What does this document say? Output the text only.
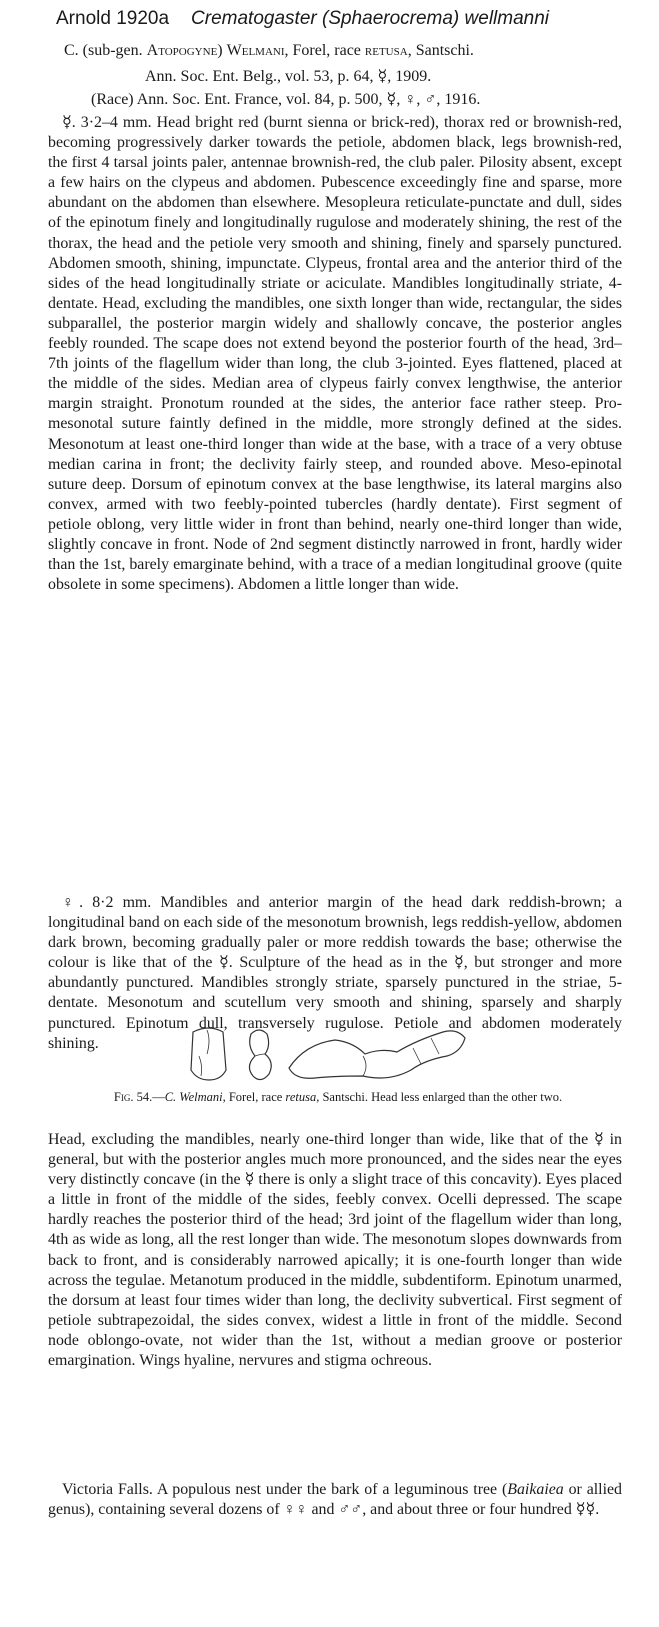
Arnold 1920a Crematogaster (Sphaerocrema) wellmanni
C. (sub-gen. Atopogyne) Welmani, Forel, race retusa, Santschi.
Ann. Soc. Ent. Belg., vol. 53, p. 64, ☿, 1909.
(Race) Ann. Soc. Ent. France, vol. 84, p. 500, ☿, ♀, ♂, 1916.

☿. 3·2–4 mm. Head bright red (burnt sienna or brick-red), thorax red or brownish-red, becoming progressively darker towards the petiole, abdomen black, legs brownish-red, the first 4 tarsal joints paler, antennae brownish-red, the club paler. Pilosity absent, except a few hairs on the clypeus and abdomen. Pubescence exceedingly fine and sparse, more abundant on the abdomen than elsewhere. Mesopleura reticulate-punctate and dull, sides of the epinotum finely and longitudinally rugulose and moderately shining, the rest of the thorax, the head and the petiole very smooth and shining, finely and sparsely punctured. Abdomen smooth, shining, impunctate. Clypeus, frontal area and the anterior third of the sides of the head longitudinally striate or aciculate. Mandibles longitudinally striate, 4-dentate. Head, excluding the mandibles, one sixth longer than wide, rectangular, the sides subparallel, the posterior margin widely and shallowly concave, the posterior angles feebly rounded. The scape does not extend beyond the posterior fourth of the head, 3rd–7th joints of the flagellum wider than long, the club 3-jointed. Eyes flattened, placed at the middle of the sides. Median area of clypeus fairly convex lengthwise, the anterior margin straight. Pronotum rounded at the sides, the anterior face rather steep. Pro-mesonotal suture faintly defined in the middle, more strongly defined at the sides. Mesonotum at least one-third longer than wide at the base, with a trace of a very obtuse median carina in front; the declivity fairly steep, and rounded above. Meso-epinotal suture deep. Dorsum of epinotum convex at the base lengthwise, its lateral margins also convex, armed with two feebly-pointed tubercles (hardly dentate). First segment of petiole oblong, very little wider in front than behind, nearly one-third longer than wide, slightly concave in front. Node of 2nd segment distinctly narrowed in front, hardly wider than the 1st, barely emarginate behind, with a trace of a median longitudinal groove (quite obsolete in some specimens). Abdomen a little longer than wide.

♀. 8·2 mm. Mandibles and anterior margin of the head dark reddish-brown; a longitudinal band on each side of the mesonotum brownish, legs reddish-yellow, abdomen dark brown, becoming gradually paler or more reddish towards the base; otherwise the colour is like that of the ☿. Sculpture of the head as in the ☿, but stronger and more abundantly punctured. Mandibles strongly striate, sparsely punctured in the striae, 5-dentate. Mesonotum and scutellum very smooth and shining, sparsely and sharply punctured. Epinotum dull, transversely rugulose. Petiole and abdomen moderately shining.

Fig. 54.—C. Welmani, Forel, race retusa, Santschi. Head less enlarged than the other two.

Head, excluding the mandibles, nearly one-third longer than wide, like that of the ☿ in general, but with the posterior angles much more pronounced, and the sides near the eyes very distinctly concave (in the ☿ there is only a slight trace of this concavity). Eyes placed a little in front of the middle of the sides, feebly convex. Ocelli depressed. The scape hardly reaches the posterior third of the head; 3rd joint of the flagellum wider than long, 4th as wide as long, all the rest longer than wide. The mesonotum slopes downwards from back to front, and is considerably narrowed apically; it is one-fourth longer than wide across the tegulae. Metanotum produced in the middle, subdentiform. Epinotum unarmed, the dorsum at least four times wider than long, the declivity subvertical. First segment of petiole subtrapezoidal, the sides convex, widest a little in front of the middle. Second node oblongo-ovate, not wider than the 1st, without a median groove or posterior emargination. Wings hyaline, nervures and stigma ochreous.

Victoria Falls. A populous nest under the bark of a leguminous tree (Baikaiea or allied genus), containing several dozens of ♀♀ and ♂♂, and about three or four hundred ☿☿.
